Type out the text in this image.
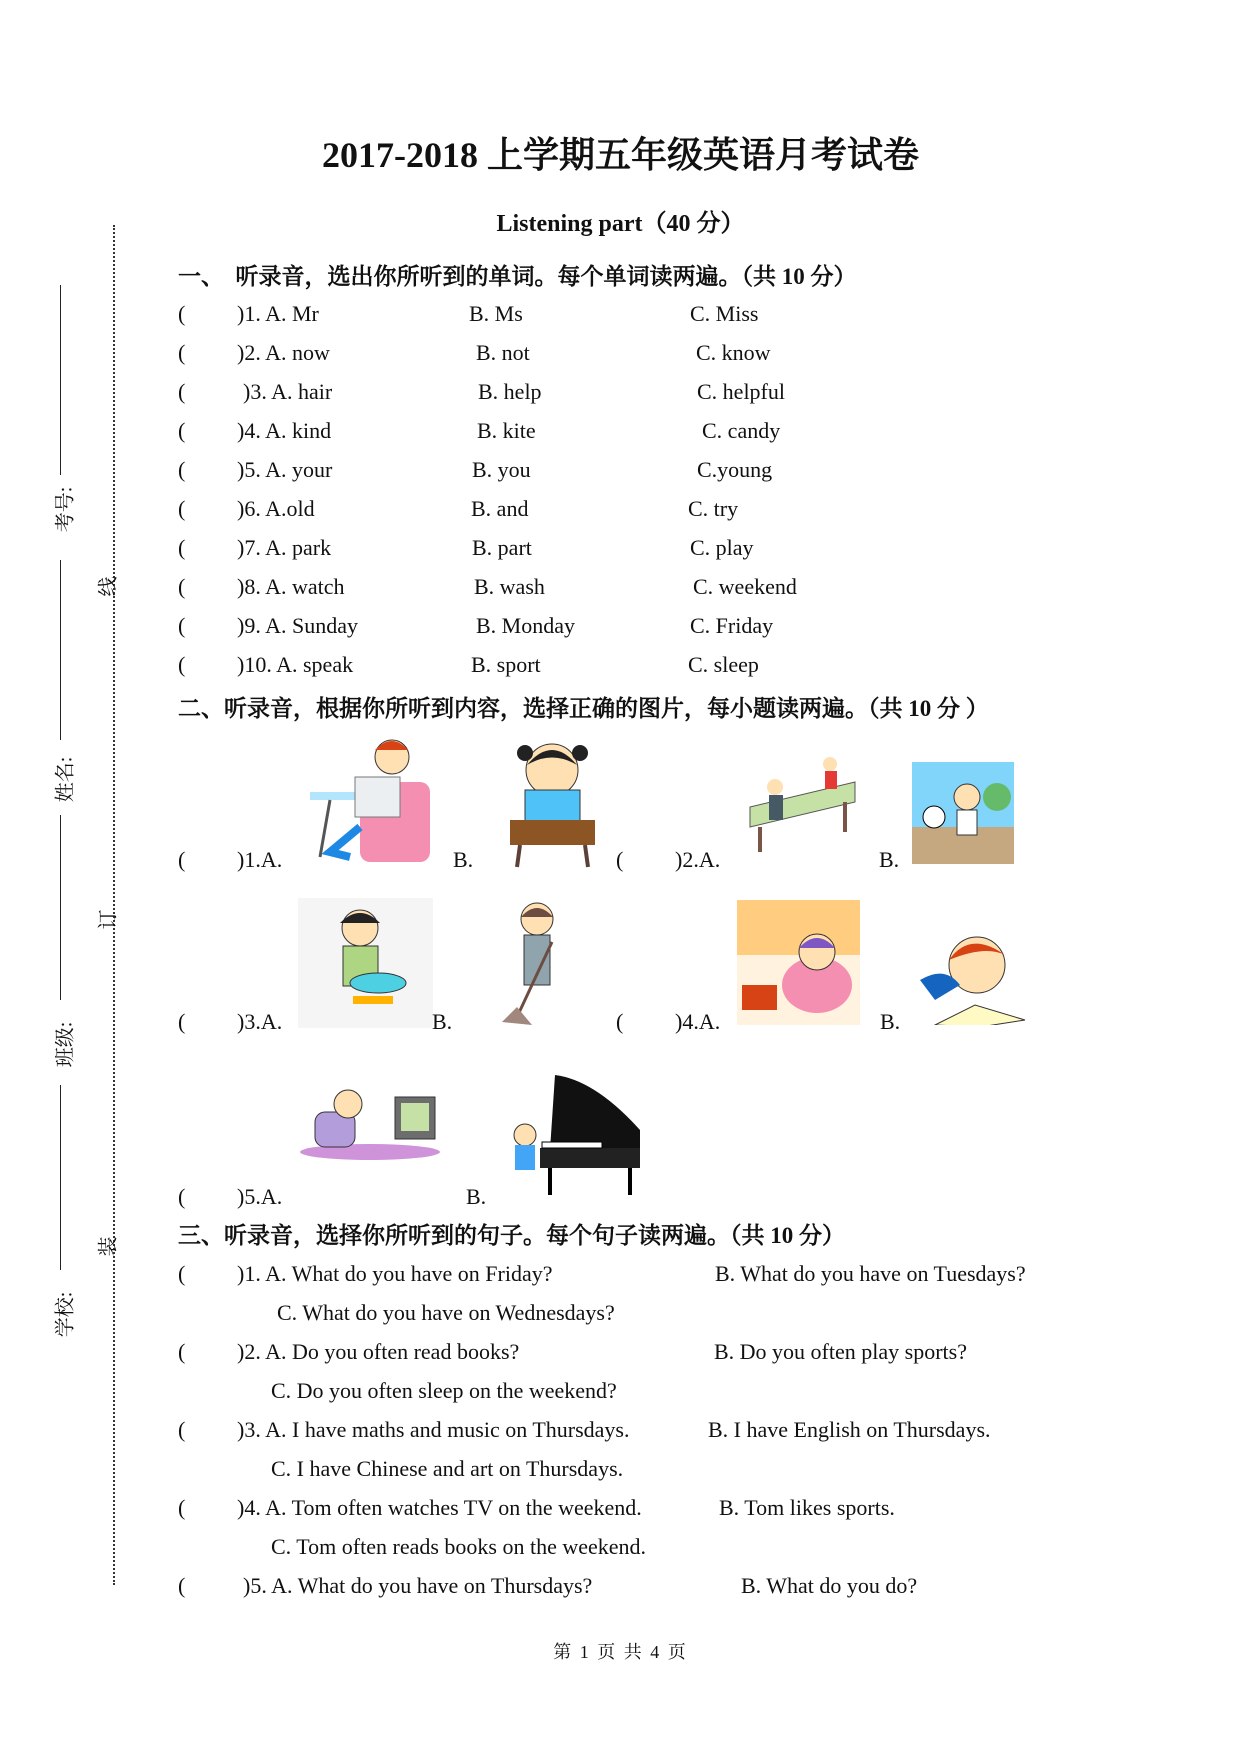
考号:
姓名:
班级:
学校:
线
订
装
2017-2018 上学期五年级英语月考试卷
Listening part（40 分）
一、　听录音，选出你所听到的单词。每个单词读两遍。（共 10 分）
( )1. A. Mr	B. Ms	C. Miss
( )2. A. now	B. not	C. know
(	)3. A. hair	B. help	C. helpful
( )4. A. kind	B. kite	C. candy
( )5. A. your	B. you	C.young
( )6. A.old	B. and	C. try
( )7. A. park	B. part	C. play
( )8. A. watch	B. wash	C. weekend
( )9. A. Sunday	B. Monday	C. Friday
( )10. A. speak	B. sport	C. sleep
二、听录音，根据你所听到内容，选择正确的图片，每小题读两遍。（共 10 分 ）
( )1.A.	B.	( )2.A.	B.
( )3.A.	B.	( )4.A.	B.
( )5.A.	B.
三、听录音，选择你所听到的句子。每个句子读两遍。（共 10 分）
( )1. A. What do you have on Friday?	B. What do you have on Tuesdays?
C. What do you have on Wednesdays?
( )2. A. Do you often read books?	B. Do you often play sports?
C. Do you often sleep on the weekend?
( )3. A. I have maths and music on Thursdays.	B. I have English on Thursdays.
C. I have Chinese and art on Thursdays.
( )4. A. Tom often watches TV on the weekend.	B. Tom likes sports.
C. Tom often reads books on the weekend.
(	)5. A. What do you have on Thursdays?	B. What do you do?
第 1 页 共 4 页
